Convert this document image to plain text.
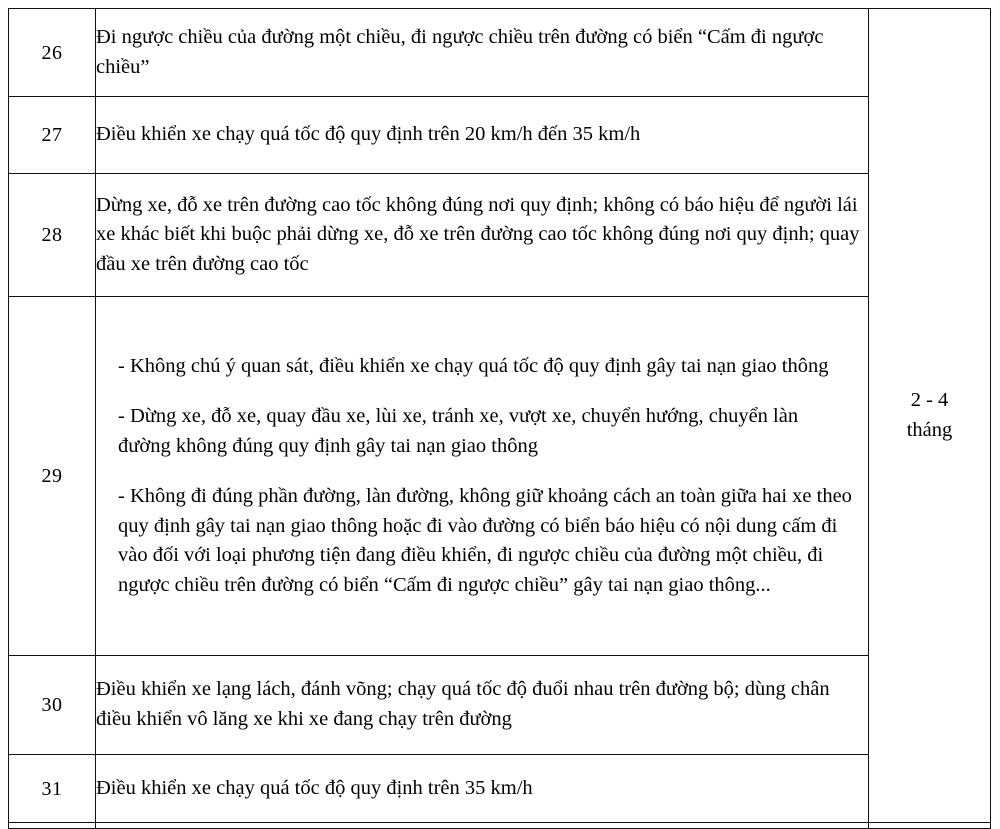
26	Đi ngược chiều của đường một chiều, đi ngược chiều trên đường có biển “Cấm đi ngược chiều”	2 - 4
tháng

27	Điều khiển xe chạy quá tốc độ quy định trên 20 km/h đến 35 km/h	

28	Dừng xe, đỗ xe trên đường cao tốc không đúng nơi quy định; không có báo hiệu để người lái xe khác biết khi buộc phải dừng xe, đỗ xe trên đường cao tốc không đúng nơi quy định; quay đầu xe trên đường cao tốc	

29	- Không chú ý quan sát, điều khiển xe chạy quá tốc độ quy định gây tai nạn giao thông

- Dừng xe, đỗ xe, quay đầu xe, lùi xe, tránh xe, vượt xe, chuyển hướng, chuyển làn đường không đúng quy định gây tai nạn giao thông

- Không đi đúng phần đường, làn đường, không giữ khoảng cách an toàn giữa hai xe theo quy định gây tai nạn giao thông hoặc đi vào đường có biển báo hiệu có nội dung cấm đi vào đối với loại phương tiện đang điều khiển, đi ngược chiều của đường một chiều, đi ngược chiều trên đường có biển “Cấm đi ngược chiều” gây tai nạn giao thông...	

30	Điều khiển xe lạng lách, đánh võng; chạy quá tốc độ đuổi nhau trên đường bộ; dùng chân điều khiển vô lăng xe khi xe đang chạy trên đường	

31	Điều khiển xe chạy quá tốc độ quy định trên 35 km/h	
